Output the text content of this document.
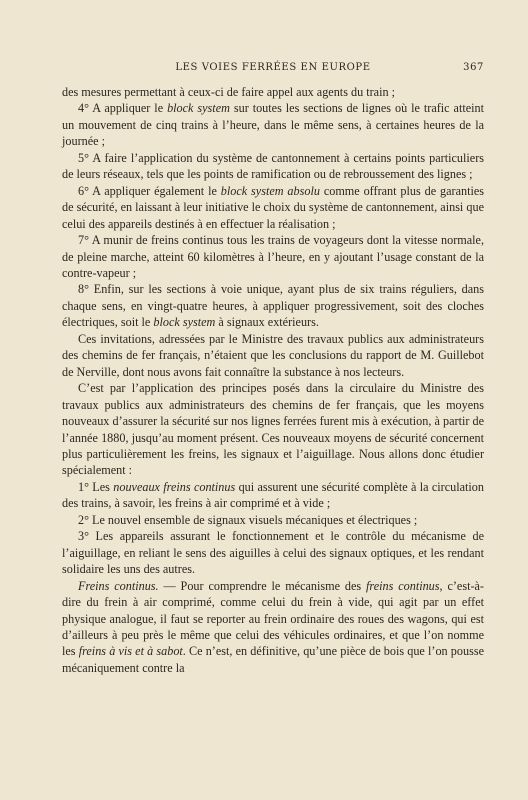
LES VOIES FERRÉES EN EUROPE	367

des mesures permettant à ceux-ci de faire appel aux agents du train ;

4° A appliquer le block system sur toutes les sections de lignes où le trafic atteint un mouvement de cinq trains à l’heure, dans le même sens, à certaines heures de la journée ;

5° A faire l’application du système de cantonnement à certains points particuliers de leurs réseaux, tels que les points de ramification ou de rebroussement des lignes ;

6° A appliquer également le block system absolu comme offrant plus de garanties de sécurité, en laissant à leur initiative le choix du système de cantonnement, ainsi que celui des appareils destinés à en effectuer la réalisation ;

7° A munir de freins continus tous les trains de voyageurs dont la vitesse normale, de pleine marche, atteint 60 kilomètres à l’heure, en y ajoutant l’usage constant de la contre-vapeur ;

8° Enfin, sur les sections à voie unique, ayant plus de six trains réguliers, dans chaque sens, en vingt-quatre heures, à appliquer progressivement, soit des cloches électriques, soit le block system à signaux extérieurs.

Ces invitations, adressées par le Ministre des travaux publics aux administrateurs des chemins de fer français, n’étaient que les conclusions du rapport de M. Guillebot de Nerville, dont nous avons fait connaître la substance à nos lecteurs.

C’est par l’application des principes posés dans la circulaire du Ministre des travaux publics aux administrateurs des chemins de fer français, que les moyens nouveaux d’assurer la sécurité sur nos lignes ferrées furent mis à exécution, à partir de l’année 1880, jusqu’au moment présent. Ces nouveaux moyens de sécurité concernent plus particulièrement les freins, les signaux et l’aiguillage. Nous allons donc étudier spécialement :

1° Les nouveaux freins continus qui assurent une sécurité complète à la circulation des trains, à savoir, les freins à air comprimé et à vide ;

2° Le nouvel ensemble de signaux visuels mécaniques et électriques ;

3° Les appareils assurant le fonctionnement et le contrôle du mécanisme de l’aiguillage, en reliant le sens des aiguilles à celui des signaux optiques, et les rendant solidaire les uns des autres.

Freins continus. — Pour comprendre le mécanisme des freins continus, c’est-à-dire du frein à air comprimé, comme celui du frein à vide, qui agit par un effet physique analogue, il faut se reporter au frein ordinaire des roues des wagons, qui est d’ailleurs à peu près le même que celui des véhicules ordinaires, et que l’on nomme les freins à vis et à sabot. Ce n’est, en définitive, qu’une pièce de bois que l’on pousse mécaniquement contre la
